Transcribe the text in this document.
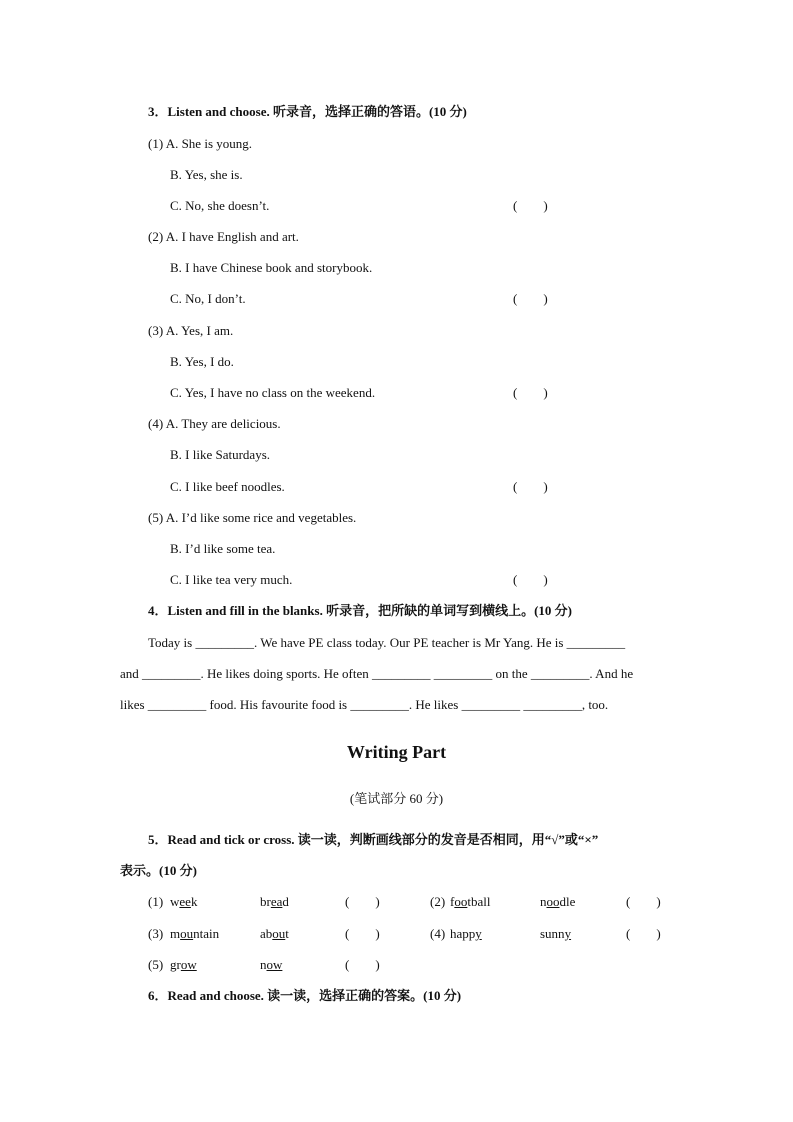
3．Listen and choose. 听录音，选择正确的答语。(10 分)
(1) A. She is young.
B. Yes, she is.
C. No, she doesn’t.	(　　)
(2) A. I have English and art.
B. I have Chinese book and storybook.
C. No, I don’t.	(　　)
(3) A. Yes, I am.
B. Yes, I do.
C. Yes, I have no class on the weekend.	(　　)
(4) A. They are delicious.
B. I like Saturdays.
C. I like beef noodles.	(　　)
(5) A. I’d like some rice and vegetables.
B. I’d like some tea.
C. I like tea very much.	(　　)
4．Listen and fill in the blanks. 听录音，把所缺的单词写到横线上。(10 分)
Today is _________. We have PE class today. Our PE teacher is Mr Yang. He is _________
and _________. He likes doing sports. He often _________ _________ on the _________. And he
likes _________ food. His favourite food is _________. He likes _________ _________, too.
Writing Part
(笔试部分 60 分)
5．Read and tick or cross. 读一读，判断画线部分的发音是否相同，用“√”或“×”
表示。(10 分)
(1) week	bread	(　　)	(2) football	noodle	(　　)
(3) mountain	about	(　　)	(4) happy	sunny	(　　)
(5) grow	now	(　　)
6．Read and choose. 读一读，选择正确的答案。(10 分)
